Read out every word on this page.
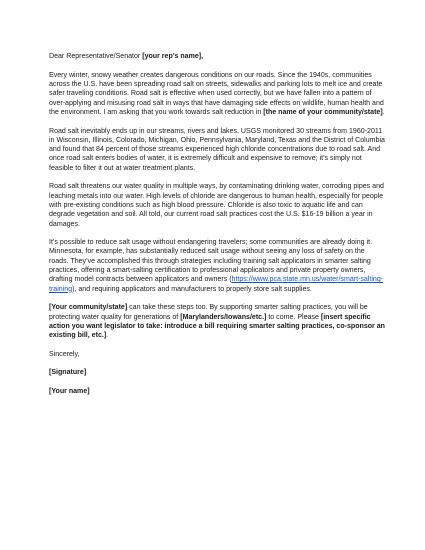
Dear Representative/Senator [your rep’s name],

Every winter, snowy weather creates dangerous conditions on our roads. Since the 1940s, communities across the U.S. have been spreading road salt on streets, sidewalks and parking lots to melt ice and create safer traveling conditions. Road salt is effective when used correctly, but we have fallen into a pattern of over-applying and misusing road salt in ways that have damaging side effects on wildlife, human health and the environment. I am asking that you work towards salt reduction in [the name of your community/state].

Road salt inevitably ends up in our streams, rivers and lakes. USGS monitored 30 streams from 1960-2011 in Wisconsin, Illinois, Colorado, Michigan, Ohio, Pennsylvania, Maryland, Texas and the District of Columbia and found that 84 percent of those streams experienced high chloride concentrations due to road salt. And once road salt enters bodies of water, it is extremely difficult and expensive to remove; it’s simply not feasible to filter it out at water treatment plants.

Road salt threatens our water quality in multiple ways, by contaminating drinking water, corroding pipes and leaching metals into our water. High levels of chloride are dangerous to human health, especially for people with pre-existing conditions such as high blood pressure. Chloride is also toxic to aquatic life and can degrade vegetation and soil. All told, our current road salt practices cost the U.S. $16-19 billion a year in damages.

It’s possible to reduce salt usage without endangering travelers; some communities are already doing it. Minnesota, for example, has substantially reduced salt usage without seeing any loss of safety on the roads. They’ve accomplished this through strategies including training salt applicators in smarter salting practices, offering a smart-salting certification to professional applicators and private property owners, drafting model contracts between applicators and owners (https://www.pca.state.mn.us/water/smart-salting-training), and requiring applicators and manufacturers to properly store salt supplies.

[Your community/state] can take these steps too. By supporting smarter salting practices, you will be protecting water quality for generations of [Marylanders/Iowans/etc.] to come. Please [insert specific action you want legislator to take: introduce a bill requiring smarter salting practices, co-sponsor an existing bill, etc.].

Sincerely,

[Signature]

[Your name]
